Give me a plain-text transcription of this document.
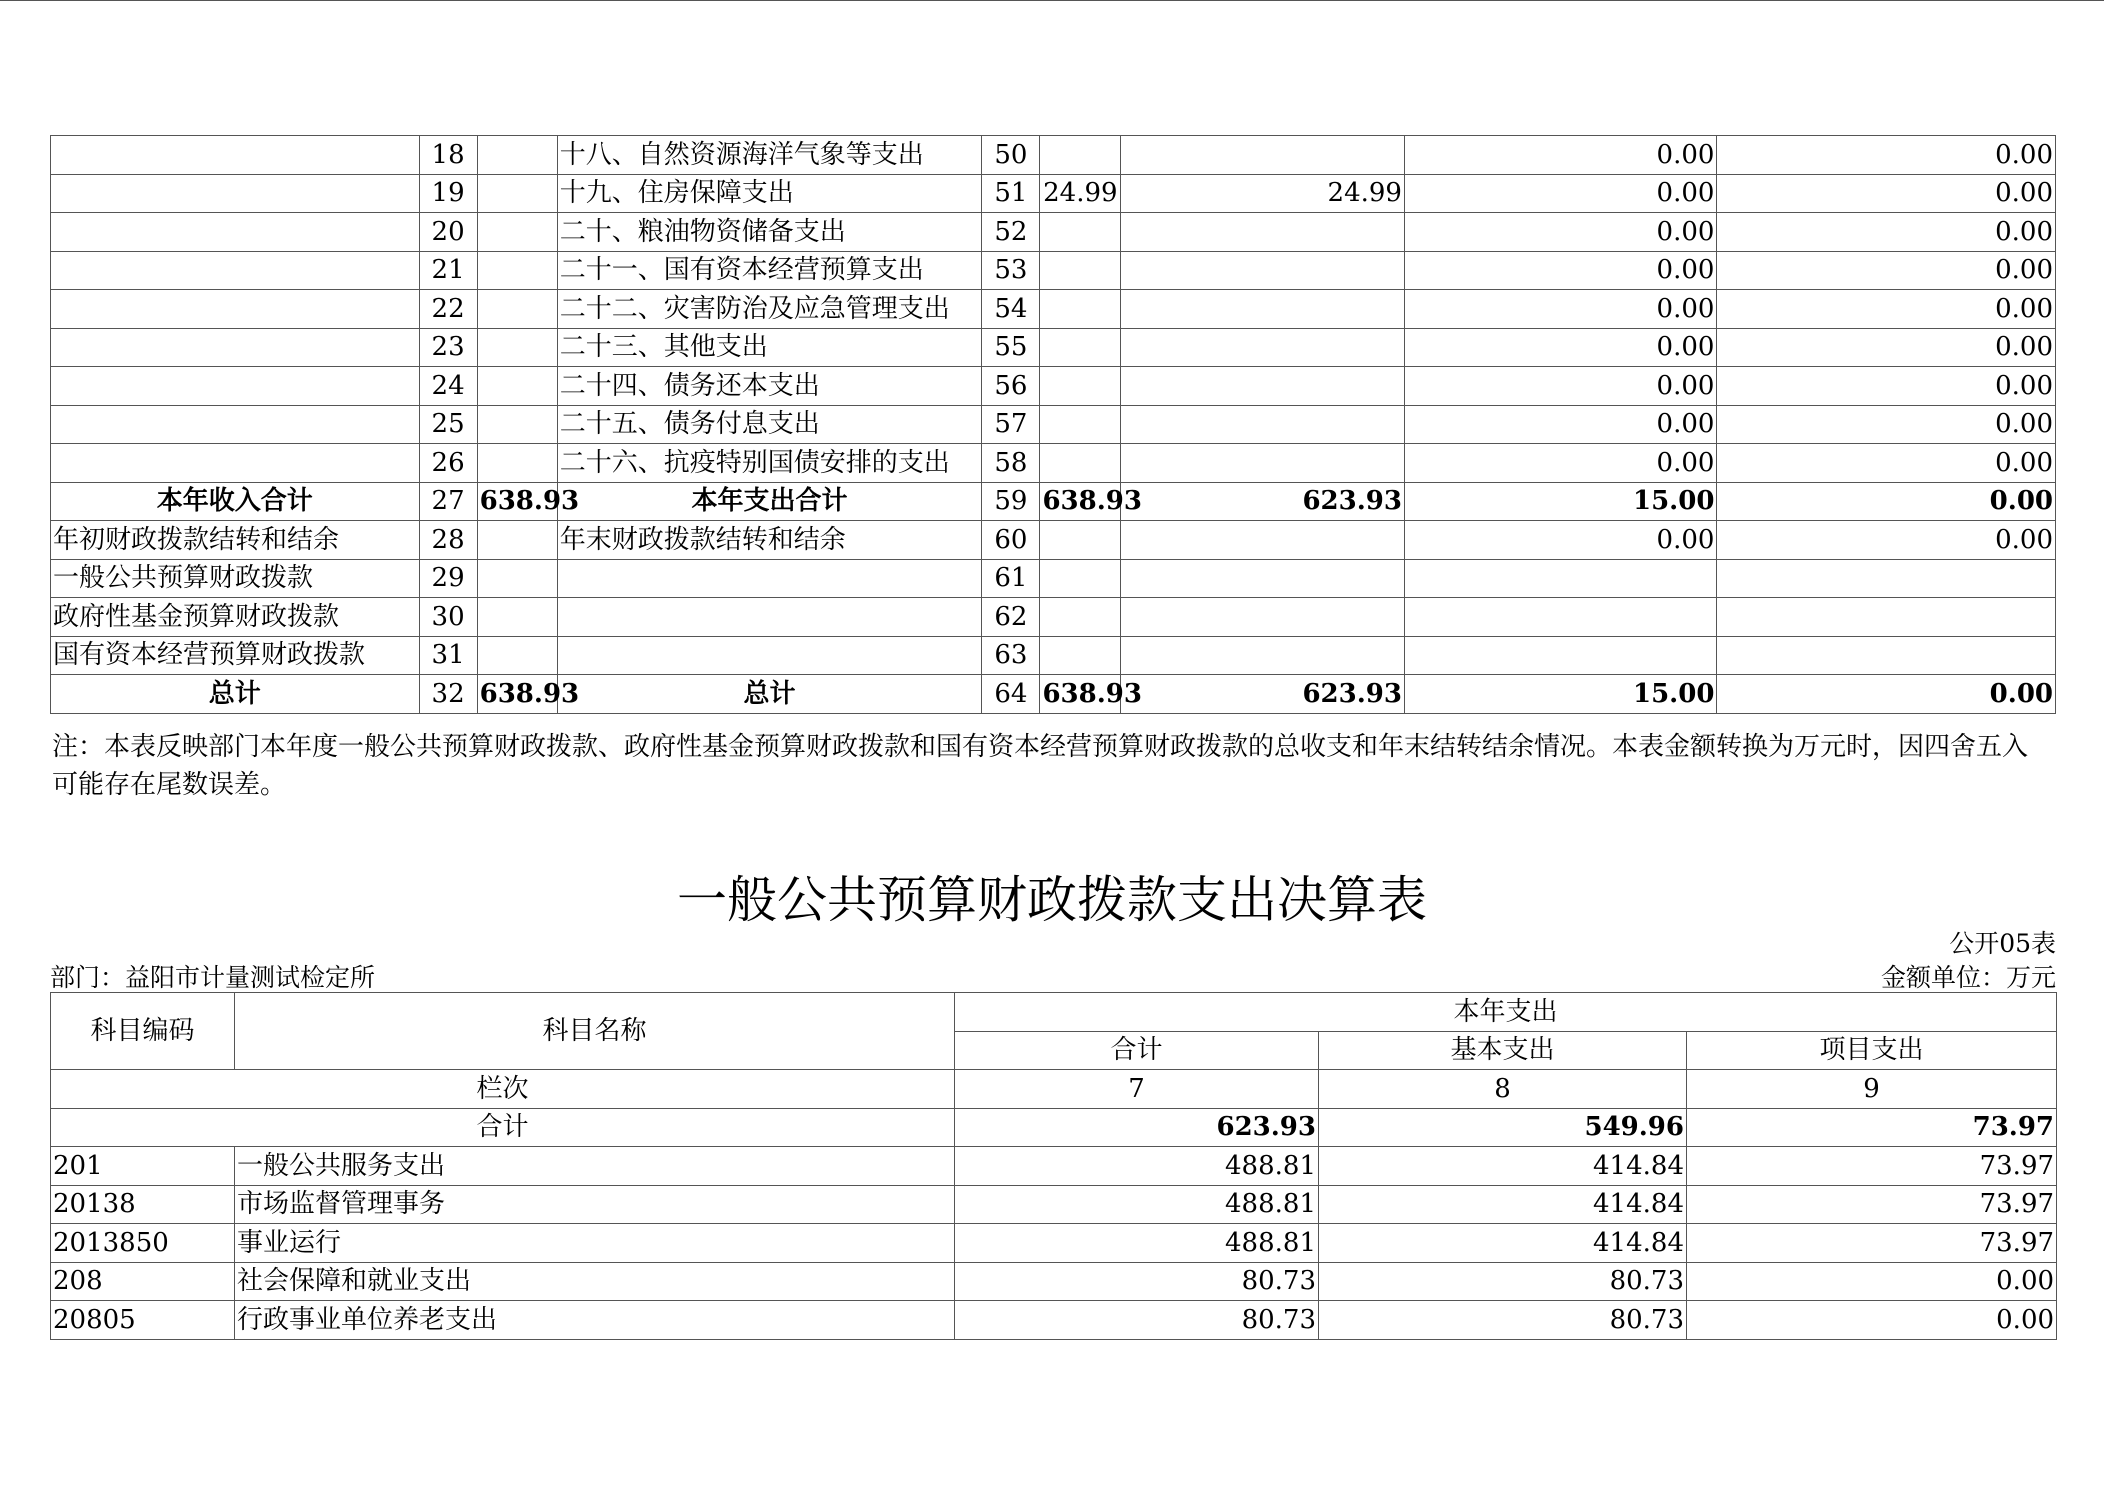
	18		十八、自然资源海洋气象等支出	50			0.00	0.00
	19		十九、住房保障支出	51	24.99	24.99	0.00	0.00
	20		二十、粮油物资储备支出	52			0.00	0.00
	21		二十一、国有资本经营预算支出	53			0.00	0.00
	22		二十二、灾害防治及应急管理支出	54			0.00	0.00
	23		二十三、其他支出	55			0.00	0.00
	24		二十四、债务还本支出	56			0.00	0.00
	25		二十五、债务付息支出	57			0.00	0.00
	26		二十六、抗疫特别国债安排的支出	58			0.00	0.00
本年收入合计	27	638.93	本年支出合计	59	638.93	623.93	15.00	0.00
年初财政拨款结转和结余	28		年末财政拨款结转和结余	60			0.00	0.00
一般公共预算财政拨款	29			61				
政府性基金预算财政拨款	30			62				
国有资本经营预算财政拨款	31			63				
总计	32	638.93	总计	64	638.93	623.93	15.00	0.00
注：本表反映部门本年度一般公共预算财政拨款、政府性基金预算财政拨款和国有资本经营预算财政拨款的总收支和年末结转结余情况。本表金额转换为万元时，因四舍五入可能存在尾数误差。
一般公共预算财政拨款支出决算表
公开05表
部门：益阳市计量测试检定所	金额单位：万元
科目编码	科目名称	本年支出		
		合计	基本支出	项目支出
栏次		7	8	9
合计		623.93	549.96	73.97
201	一般公共服务支出	488.81	414.84	73.97
20138	市场监督管理事务	488.81	414.84	73.97
2013850	事业运行	488.81	414.84	73.97
208	社会保障和就业支出	80.73	80.73	0.00
20805	行政事业单位养老支出	80.73	80.73	0.00
